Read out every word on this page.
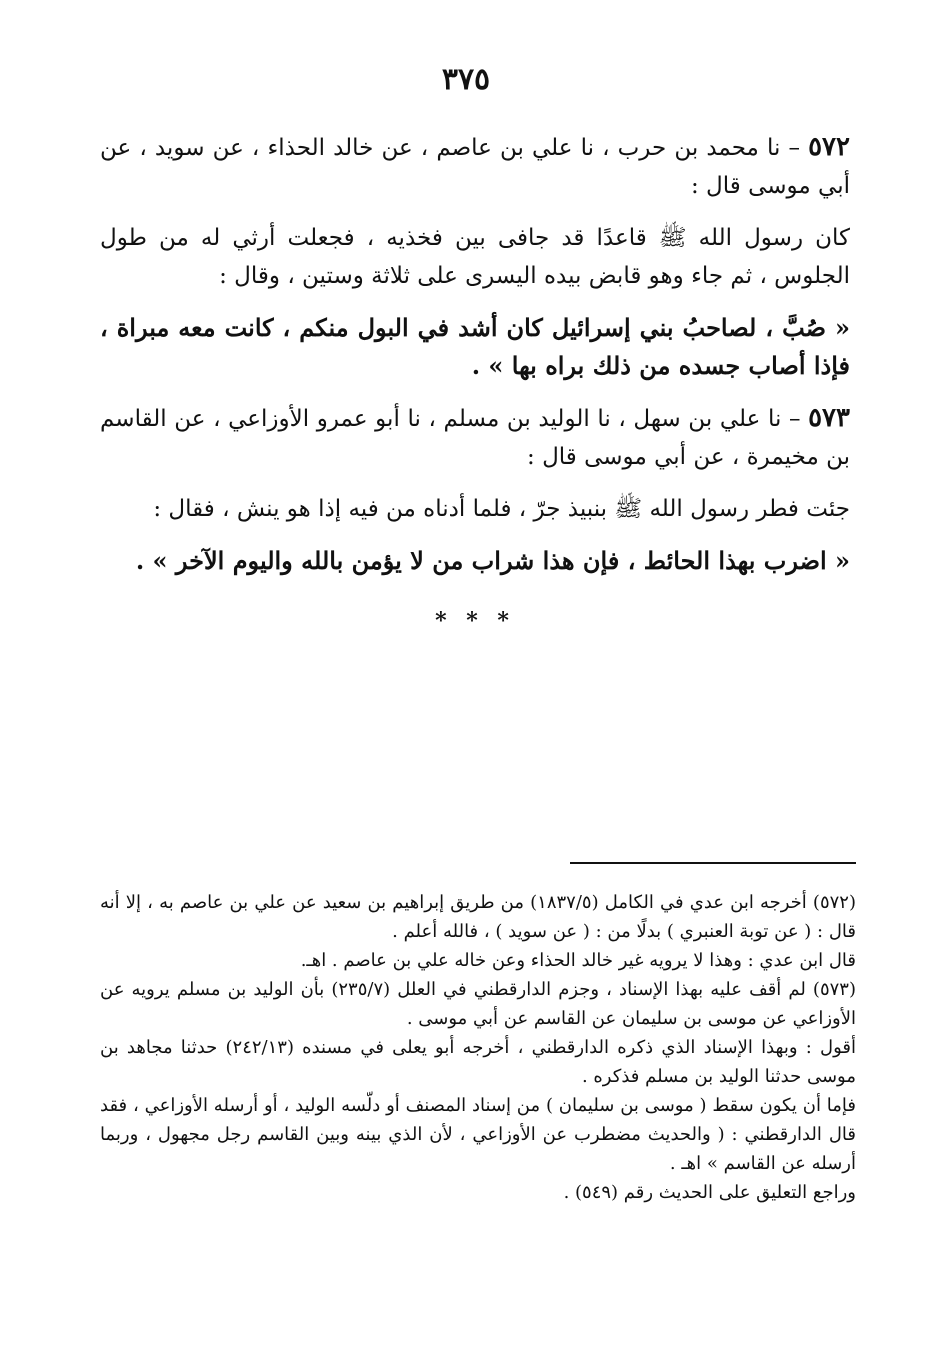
٣٧٥

٥٧٢ – نا محمد بن حرب ، نا علي بن عاصم ، عن خالد الحذاء ، عن سويد ، عن أبي موسى قال :

كان رسول الله ﷺ قاعدًا قد جافى بين فخذيه ، فجعلت أرثي له من طول الجلوس ، ثم جاء وهو قابض بيده اليسرى على ثلاثة وستين ، وقال :

« صُبَّ ، لصاحبُ بني إسرائيل كان أشد في البول منكم ، كانت معه مبراة ، فإذا أصاب جسده من ذلك براه بها » .

٥٧٣ – نا علي بن سهل ، نا الوليد بن مسلم ، نا أبو عمرو الأوزاعي ، عن القاسم بن مخيمرة ، عن أبي موسى قال :

جئت فطر رسول الله ﷺ بنبيذ جرّ ، فلما أدناه من فيه إذا هو ينش ، فقال :

« اضرب بهذا الحائط ، فإن هذا شراب من لا يؤمن بالله واليوم الآخر » .

* * *

(٥٧٢) أخرجه ابن عدي في الكامل (١٨٣٧/٥) من طريق إبراهيم بن سعيد عن علي بن عاصم به ، إلا أنه قال : ( عن توبة العنبري ) بدلًا من : ( عن سويد ) ، فالله أعلم .

قال ابن عدي : وهذا لا يرويه غير خالد الحذاء وعن خاله علي بن عاصم . اهـ.

(٥٧٣) لم أقف عليه بهذا الإسناد ، وجزم الدارقطني في العلل (٢٣٥/٧) بأن الوليد بن مسلم يرويه عن الأوزاعي عن موسى بن سليمان عن القاسم عن أبي موسى .

أقول : وبهذا الإسناد الذي ذكره الدارقطني ، أخرجه أبو يعلى في مسنده (٢٤٢/١٣) حدثنا مجاهد بن موسى حدثنا الوليد بن مسلم فذكره .

فإما أن يكون سقط ( موسى بن سليمان ) من إسناد المصنف أو دلّسه الوليد ، أو أرسله الأوزاعي ، فقد قال الدارقطني : ( والحديث مضطرب عن الأوزاعي ، لأن الذي بينه وبين القاسم رجل مجهول ، وربما أرسله عن القاسم » اهـ .

وراجع التعليق على الحديث رقم (٥٤٩) .
